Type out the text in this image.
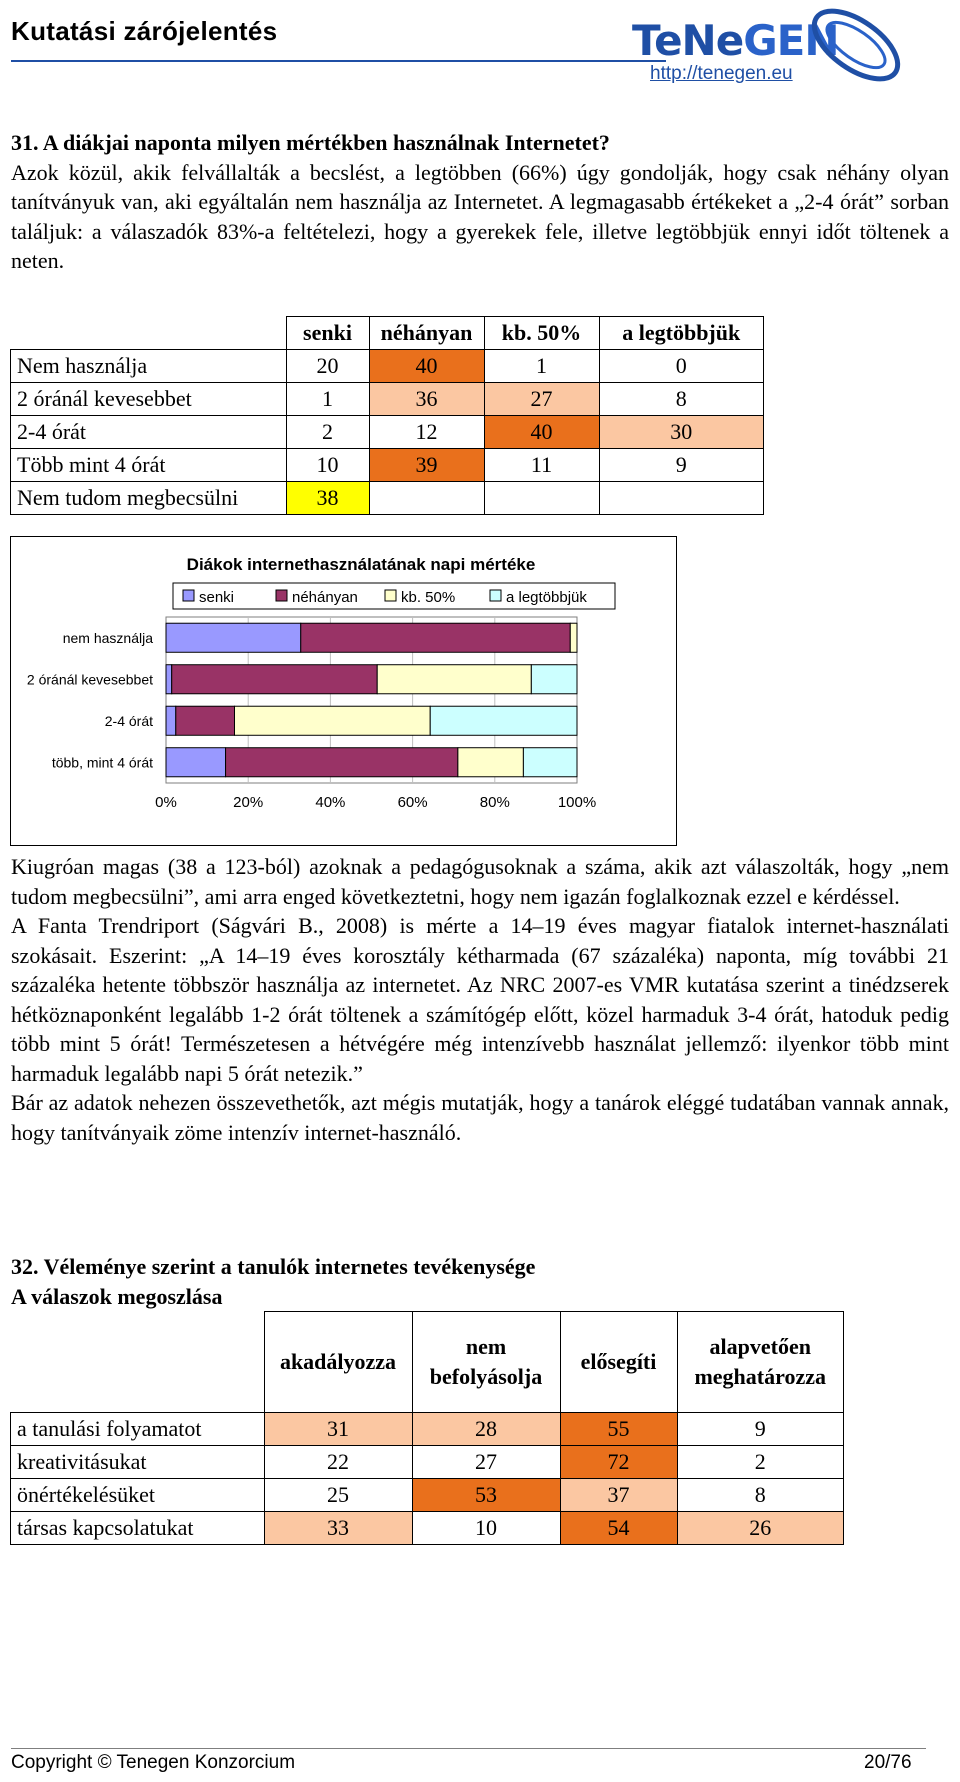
Kutatási zárójelentés	TeNeGEN
http://tenegen.eu

31. A diákjai naponta milyen mértékben használnak Internetet?

Azok közül, akik felvállalták a becslést, a legtöbben (66%) úgy gondolják, hogy csak néhány olyan tanítványuk van, aki egyáltalán nem használja az Internetet. A legmagasabb értékeket a „2-4 órát” sorban találjuk: a válaszadók 83%-a feltételezi, hogy a gyerekek fele, illetve legtöbbjük ennyi időt töltenek a neten.

	senki	néhányan	kb. 50%	a legtöbbjük
Nem használja	20	40	1	0
2 óránál kevesebbet	1	36	27	8
2-4 órát	2	12	40	30
Több mint 4 órát	10	39	11	9
Nem tudom megbecsülni	38			
Diákok internethasználatának napi mértéke
senki	néhányan	kb. 50%	a legtöbbjük
0%	20%	40%	60%	80%	100%
nem használja
2 óránál kevesebbet
2-4 órát
több, mint 4 órát

Kiugróan magas (38 a 123-ból) azoknak a pedagógusoknak a száma, akik azt válaszolták, hogy „nem tudom megbecsülni”, ami arra enged következtetni, hogy nem igazán foglalkoznak ezzel e kérdéssel.

A Fanta Trendriport (Ságvári B., 2008) is mérte a 14–19 éves magyar fiatalok internet-használati szokásait. Eszerint: „A 14–19 éves korosztály kétharmada (67 százaléka) naponta, míg további 21 százaléka hetente többször használja az internetet. Az NRC 2007-es VMR kutatása szerint a tinédzserek hétköznaponként legalább 1-2 órát töltenek a számítógép előtt, közel harmaduk 3-4 órát, hatoduk pedig több mint 5 órát! Természetesen a hétvégére még intenzívebb használat jellemző: ilyenkor több mint harmaduk legalább napi 5 órát netezik.”

Bár az adatok nehezen összevethetők, azt mégis mutatják, hogy a tanárok eléggé tudatában vannak annak, hogy tanítványaik zöme intenzív internet-használó.

32. Véleménye szerint a tanulók internetes tevékenysége

A válaszok megoszlása

	akadályozza	nem befolyásolja	elősegíti	alapvetően meghatározza
a tanulási folyamatot	31	28	55	9
kreativitásukat	22	27	72	2
önértékelésüket	25	53	37	8
társas kapcsolatukat	33	10	54	26
Copyright © Tenegen Konzorcium	20/76
